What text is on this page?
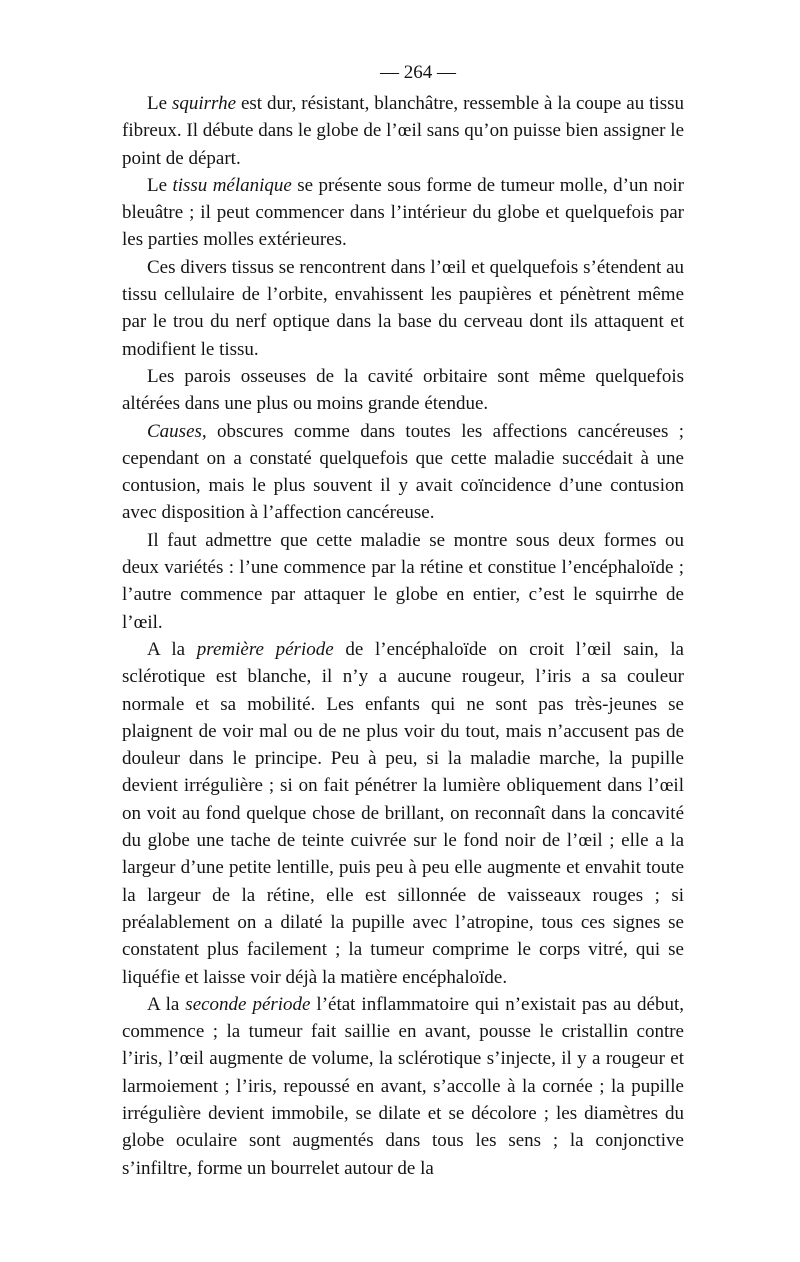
— 264 —

Le squirrhe est dur, résistant, blanchâtre, ressemble à la coupe au tissu fibreux. Il débute dans le globe de l’œil sans qu’on puisse bien assigner le point de départ.

Le tissu mélanique se présente sous forme de tumeur molle, d’un noir bleuâtre ; il peut commencer dans l’intérieur du globe et quelquefois par les parties molles extérieures.

Ces divers tissus se rencontrent dans l’œil et quelquefois s’étendent au tissu cellulaire de l’orbite, envahissent les paupières et pénètrent même par le trou du nerf optique dans la base du cerveau dont ils attaquent et modifient le tissu.

Les parois osseuses de la cavité orbitaire sont même quelquefois altérées dans une plus ou moins grande étendue.

Causes, obscures comme dans toutes les affections cancéreuses ; cependant on a constaté quelquefois que cette maladie succédait à une contusion, mais le plus souvent il y avait coïncidence d’une contusion avec disposition à l’affection cancéreuse.

Il faut admettre que cette maladie se montre sous deux formes ou deux variétés : l’une commence par la rétine et constitue l’encéphaloïde ; l’autre commence par attaquer le globe en entier, c’est le squirrhe de l’œil.

A la première période de l’encéphaloïde on croit l’œil sain, la sclérotique est blanche, il n’y a aucune rougeur, l’iris a sa couleur normale et sa mobilité. Les enfants qui ne sont pas très-jeunes se plaignent de voir mal ou de ne plus voir du tout, mais n’accusent pas de douleur dans le principe. Peu à peu, si la maladie marche, la pupille devient irrégulière ; si on fait pénétrer la lumière obliquement dans l’œil on voit au fond quelque chose de brillant, on reconnaît dans la concavité du globe une tache de teinte cuivrée sur le fond noir de l’œil ; elle a la largeur d’une petite lentille, puis peu à peu elle augmente et envahit toute la largeur de la rétine, elle est sillonnée de vaisseaux rouges ; si préalablement on a dilaté la pupille avec l’atropine, tous ces signes se constatent plus facilement ; la tumeur comprime le corps vitré, qui se liquéfie et laisse voir déjà la matière encéphaloïde.

A la seconde période l’état inflammatoire qui n’existait pas au début, commence ; la tumeur fait saillie en avant, pousse le cristallin contre l’iris, l’œil augmente de volume, la sclérotique s’injecte, il y a rougeur et larmoiement ; l’iris, repoussé en avant, s’accolle à la cornée ; la pupille irrégulière devient immobile, se dilate et se décolore ; les diamètres du globe oculaire sont augmentés dans tous les sens ; la conjonctive s’infiltre, forme un bourrelet autour de la
